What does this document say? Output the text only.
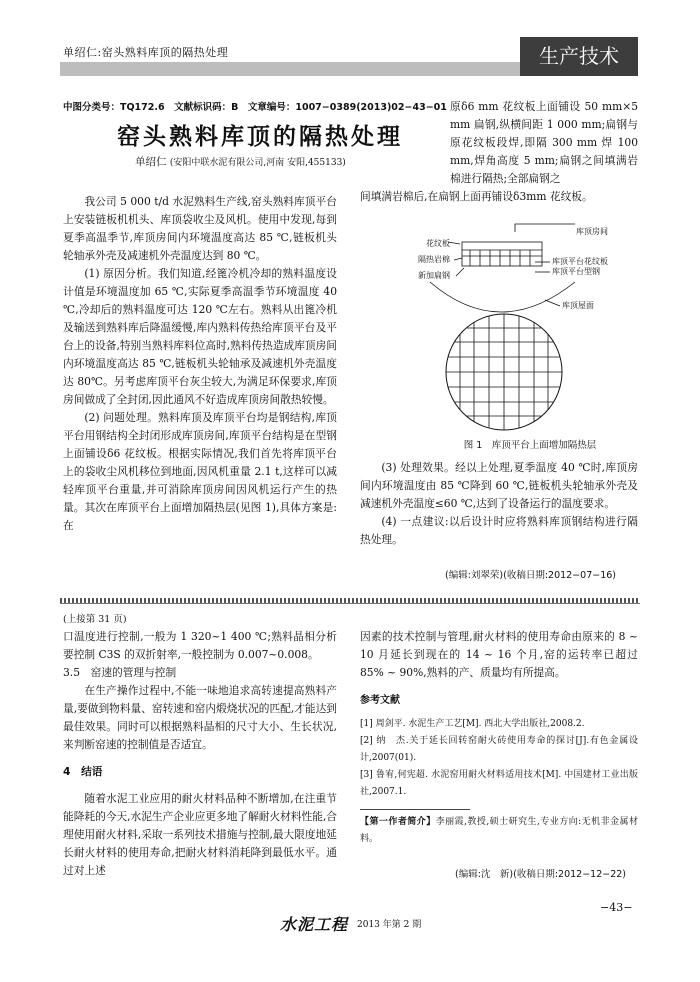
单绍仁:窑头熟料库顶的隔热处理	生产技术
中图分类号：TQ172.6　文献标识码：B　文章编号：1007−0389(2013)02−43−01
窑头熟料库顶的隔热处理
单绍仁 (安阳中联水泥有限公司,河南 安阳,455133)

原δ6 mm 花纹板上面铺设 50 mm×5 mm 扁钢,纵横间距 1 000 mm;扁钢与原花纹板段焊,即隔 300 mm 焊 100 mm,焊角高度 5 mm;扁钢之间填满岩棉进行隔热;全部扁钢之

间填满岩棉后,在扁钢上面再铺设δ3mm 花纹板。

我公司 5 000 t/d 水泥熟料生产线,窑头熟料库顶平台上安装链板机机头、库顶袋收尘及风机。使用中发现,每到夏季高温季节,库顶房间内环境温度高达 85 ℃,链板机头轮轴承外壳及减速机外壳温度达到 80 ℃。

(1) 原因分析。我们知道,经篦冷机冷却的熟料温度设计值是环境温度加 65 ℃,实际夏季高温季节环境温度 40 ℃,冷却后的熟料温度可达 120 ℃左右。熟料从出篦冷机及输送到熟料库后降温缓慢,库内熟料传热给库顶平台及平台上的设备,特别当熟料库料位高时,熟料传热造成库顶房间内环境温度高达 85 ℃,链板机头轮轴承及减速机外壳温度达 80℃。另考虑库顶平台灰尘较大,为满足环保要求,库顶房间做成了全封闭,因此通风不好造成库顶房间散热较慢。

(2) 问题处理。熟料库顶及库顶平台均是钢结构,库顶平台用钢结构全封闭形成库顶房间,库顶平台结构是在型钢上面铺设δ6 花纹板。根据实际情况,我们首先将库顶平台上的袋收尘风机移位到地面,因风机重量 2.1 t,这样可以减轻库顶平台重量,并可消除库顶房间因风机运行产生的热量。其次在库顶平台上面增加隔热层(见图 1),具体方案是:在

花纹板
隔热岩棉
新加扁钢
库顶房间
库顶平台花纹板
库顶平台型钢
库顶屋面
图 1　库顶平台上面增加隔热层

(3) 处理效果。经以上处理,夏季温度 40 ℃时,库顶房间内环境温度由 85 ℃降到 60 ℃,链板机头轮轴承外壳及减速机外壳温度≤60 ℃,达到了设备运行的温度要求。

(4) 一点建议:以后设计时应将熟料库顶钢结构进行隔热处理。

(编辑:刘翠荣)(收稿日期:2012−07−16)
(上接第 31 页)

口温度进行控制,一般为 1 320~1 400 ℃;熟料晶相分析要控制 C3S 的双折射率,一般控制为 0.007~0.008。

3.5　窑速的管理与控制

在生产操作过程中,不能一味地追求高转速提高熟料产量,要做到物料量、窑转速和窑内煅烧状况的匹配,才能达到最佳效果。同时可以根据熟料晶相的尺寸大小、生长状况,来判断窑速的控制值是否适宜。

4　结语

随着水泥工业应用的耐火材料品种不断增加,在注重节能降耗的今天,水泥生产企业应更多地了解耐火材料性能,合理使用耐火材料,采取一系列技术措施与控制,最大限度地延长耐火材料的使用寿命,把耐火材料消耗降到最低水平。通过对上述

因素的技术控制与管理,耐火材料的使用寿命由原来的 8 ~ 10 月延长到现在的 14 ~ 16 个月,窑的运转率已超过 85% ~ 90%,熟料的产、质量均有所提高。

参考文献

[1] 周剑平. 水泥生产工艺[M]. 西北大学出版社,2008.2.

[2] 纳　杰.关于延长回转窑耐火砖使用寿命的探讨[J].有色金属设计,2007(01).

[3] 鲁宥,何宪超. 水泥窑用耐火材料适用技术[M]. 中国建材工业出版社,2007.1.

【第一作者简介】李丽霞,教授,硕士研究生,专业方向:无机非金属材料。

(编辑:沈　新)(收稿日期:2012−12−22)
−43−
水泥工程 2013 年第 2 期
